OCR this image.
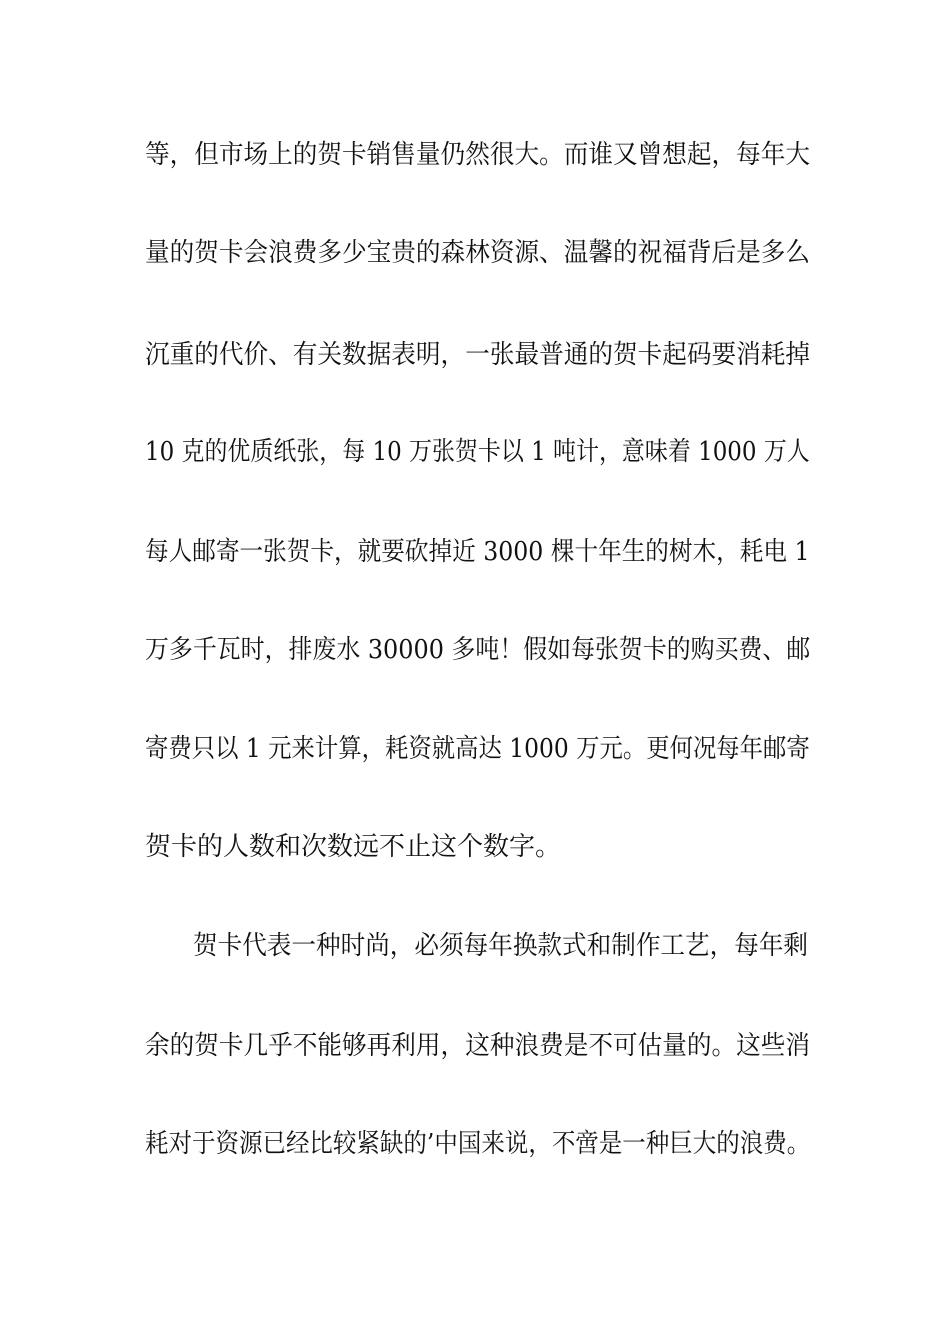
等，但市场上的贺卡销售量仍然很大。而谁又曾想起，每年大
量的贺卡会浪费多少宝贵的森林资源、温馨的祝福背后是多么
沉重的代价、有关数据表明，一张最普通的贺卡起码要消耗掉
10 克的优质纸张，每 10 万张贺卡以 1 吨计，意味着 1000 万人
每人邮寄一张贺卡，就要砍掉近 3000 棵十年生的树木，耗电 1
万多千瓦时，排废水 30000 多吨！假如每张贺卡的购买费、邮
寄费只以 1 元来计算，耗资就高达 1000 万元。更何况每年邮寄
贺卡的人数和次数远不止这个数字。
贺卡代表一种时尚，必须每年换款式和制作工艺，每年剩
余的贺卡几乎不能够再利用，这种浪费是不可估量的。这些消
耗对于资源已经比较紧缺的’中国来说，不啻是一种巨大的浪费。
